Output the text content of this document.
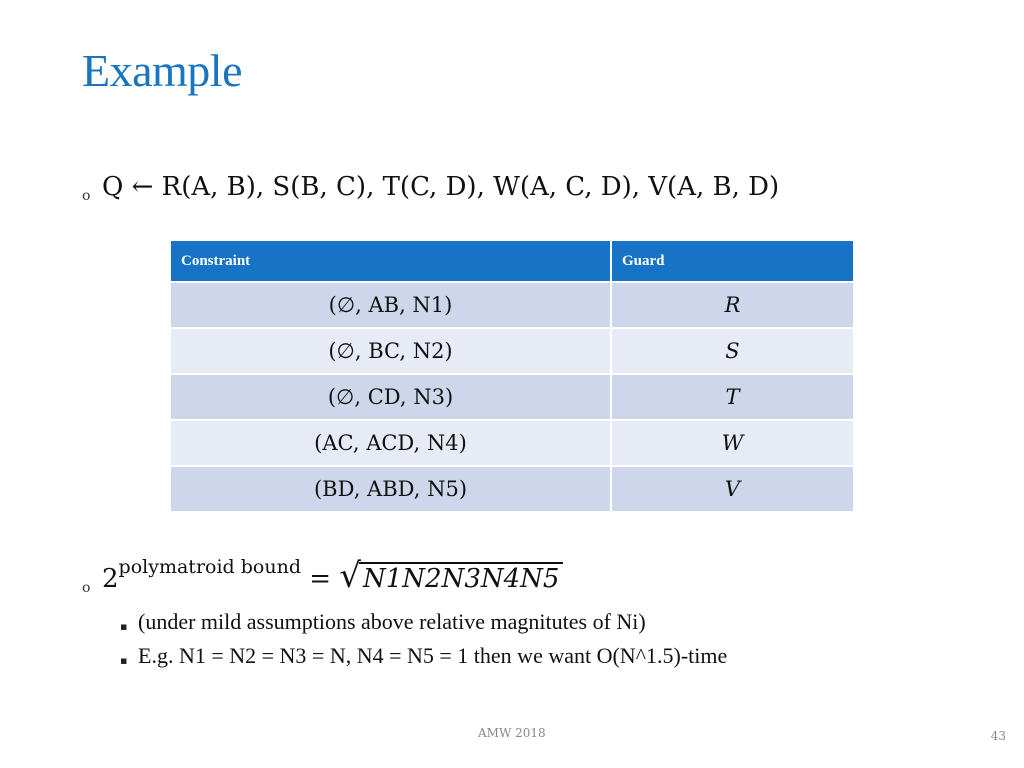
Example
o Q ← R(A, B), S(B, C), T(C, D), W(A, C, D), V(A, B, D)
Constraint	Guard
(∅, AB, N1)	R
(∅, BC, N2)	S
(∅, CD, N3)	T
(AC, ACD, N4)	W
(BD, ABD, N5)	V
o $2^{polymatroid bound} = √N1N2N3N4N5$
▪ (under mild assumptions above relative magnitutes of Ni)
▪ E.g. N1 = N2 = N3 = N, N4 = N5 = 1 then we want O(N^1.5)-time
AMW 2018	43
